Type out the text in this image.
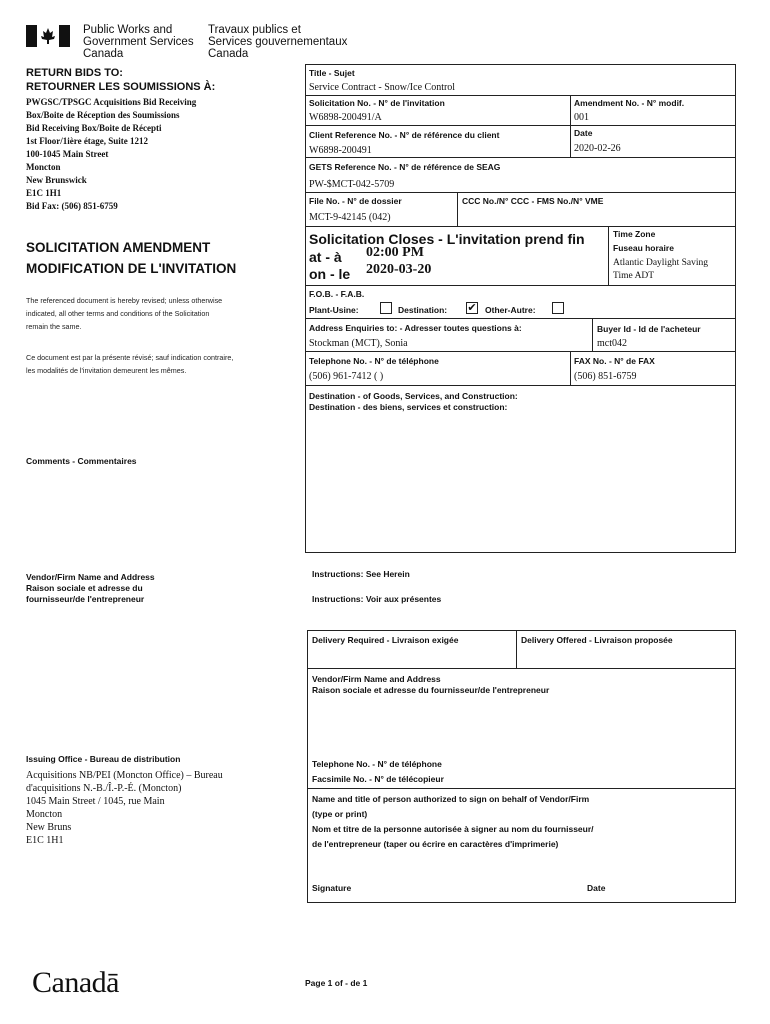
Public Works and
Government Services
Canada
Travaux publics et
Services gouvernementaux
Canada
RETURN BIDS TO:
RETOURNER LES SOUMISSIONS À:
PWGSC/TPSGC Acquisitions Bid Receiving
Box/Boite de Réception des Soumissions
Bid Receiving Box/Boite de Récepti
1st Floor/1ière étage, Suite 1212
100-1045 Main Street
Moncton
New Brunswick
E1C 1H1
Bid Fax: (506) 851-6759
SOLICITATION AMENDMENT
MODIFICATION DE L'INVITATION
The referenced document is hereby revised; unless otherwise
indicated, all other terms and conditions of the Solicitation
remain the same.
Ce document est par la présente révisé; sauf indication contraire,
les modalités de l'invitation demeurent les mêmes.
Comments - Commentaires
Vendor/Firm Name and Address
Raison sociale et adresse du
fournisseur/de l'entrepreneur
Issuing Office - Bureau de distribution
Acquisitions NB/PEI (Moncton Office) – Bureau
d'acquisitions N.-B./Î.-P.-É. (Moncton)
1045 Main Street / 1045, rue Main
Moncton
New Bruns
E1C 1H1
Title - Sujet
Service Contract - Snow/Ice Control
Solicitation No. - N° de l'invitation
W6898-200491/A
Amendment No. - N° modif.
001
Client Reference No. - N° de référence du client
W6898-200491
Date
2020-02-26
GETS Reference No. - N° de référence de SEAG
PW-$MCT-042-5709
File No. - N° de dossier
MCT-9-42145 (042)
CCC No./N° CCC - FMS No./N° VME
Solicitation Closes - L'invitation prend fin
at - à 02:00 PM
on - le 2020-03-20
Time Zone
Fuseau horaire
Atlantic Daylight Saving
Time ADT
F.O.B. - F.A.B.
Plant-Usine:	Destination: ✔ Other-Autre:
Address Enquiries to: - Adresser toutes questions à:
Stockman (MCT), Sonia
Buyer Id - Id de l'acheteur
mct042
Telephone No. - N° de téléphone
(506) 961-7412 ( )
FAX No. - N° de FAX
(506) 851-6759
Destination - of Goods, Services, and Construction:
Destination - des biens, services et construction:
Instructions: See Herein
Instructions: Voir aux présentes
Delivery Required - Livraison exigée	Delivery Offered - Livraison proposée
Vendor/Firm Name and Address
Raison sociale et adresse du fournisseur/de l'entrepreneur
Telephone No. - N° de téléphone
Facsimile No. - N° de télécopieur
Name and title of person authorized to sign on behalf of Vendor/Firm
(type or print)
Nom et titre de la personne autorisée à signer au nom du fournisseur/
de l'entrepreneur (taper ou écrire en caractères d'imprimerie)
Signature	Date
Canadā	Page 1 of - de 1
